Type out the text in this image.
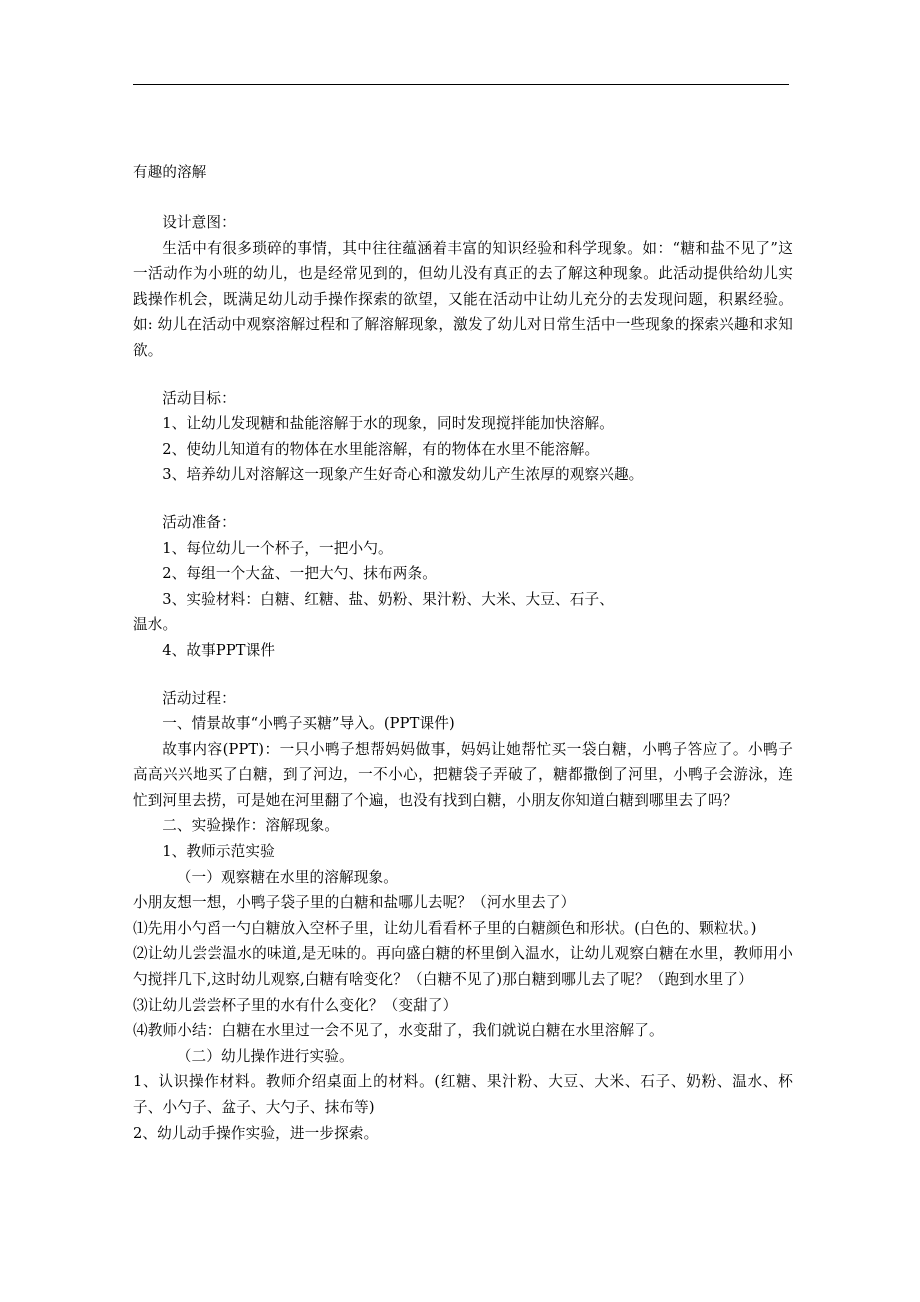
有趣的溶解

设计意图：

生活中有很多琐碎的事情，其中往往蕴涵着丰富的知识经验和科学现象。如：“糖和盐不见了”这一活动作为小班的幼儿，也是经常见到的，但幼儿没有真正的去了解这种现象。此活动提供给幼儿实践操作机会，既满足幼儿动手操作探索的欲望，又能在活动中让幼儿充分的去发现问题，积累经验。如: 幼儿在活动中观察溶解过程和了解溶解现象，激发了幼儿对日常生活中一些现象的探索兴趣和求知欲。

活动目标：

1、让幼儿发现糖和盐能溶解于水的现象，同时发现搅拌能加快溶解。

2、使幼儿知道有的物体在水里能溶解，有的物体在水里不能溶解。

3、培养幼儿对溶解这一现象产生好奇心和激发幼儿产生浓厚的观察兴趣。

活动准备：

1、每位幼儿一个杯子，一把小勺。

2、每组一个大盆、一把大勺、抹布两条。

3、实验材料：白糖、红糖、盐、奶粉、果汁粉、大米、大豆、石子、

温水。

4、故事PPT课件

活动过程：

一、情景故事“小鸭子买糖”导入。(PPT课件)

故事内容(PPT)：一只小鸭子想帮妈妈做事，妈妈让她帮忙买一袋白糖，小鸭子答应了。小鸭子高高兴兴地买了白糖，到了河边，一不小心，把糖袋子弄破了，糖都撒倒了河里，小鸭子会游泳，连忙到河里去捞，可是她在河里翻了个遍，也没有找到白糖，小朋友你知道白糖到哪里去了吗？

二、实验操作：溶解现象。

1、教师示范实验

（一）观察糖在水里的溶解现象。

小朋友想一想，小鸭子袋子里的白糖和盐哪儿去呢？（河水里去了）

⑴先用小勺舀一勺白糖放入空杯子里，让幼儿看看杯子里的白糖颜色和形状。(白色的、颗粒状。)

⑵让幼儿尝尝温水的味道,是无味的。再向盛白糖的杯里倒入温水，让幼儿观察白糖在水里，教师用小勺搅拌几下,这时幼儿观察,白糖有啥变化？（白糖不见了)那白糖到哪儿去了呢？（跑到水里了）

⑶让幼儿尝尝杯子里的水有什么变化？（变甜了）

⑷教师小结：白糖在水里过一会不见了，水变甜了，我们就说白糖在水里溶解了。

（二）幼儿操作进行实验。

1、认识操作材料。教师介绍桌面上的材料。(红糖、果汁粉、大豆、大米、石子、奶粉、温水、杯子、小勺子、盆子、大勺子、抹布等)

2、幼儿动手操作实验，进一步探索。
